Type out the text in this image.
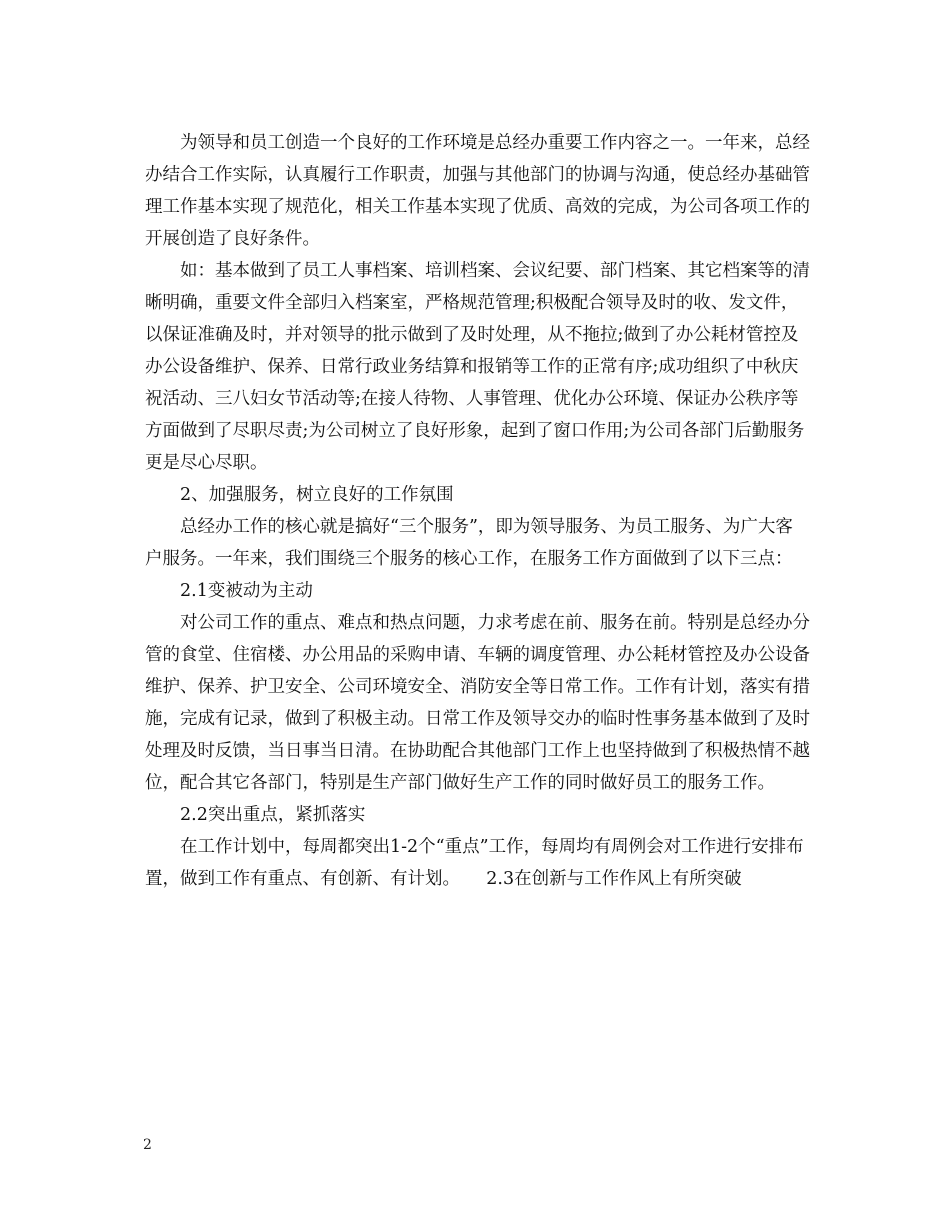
为领导和员工创造一个良好的工作环境是总经办重要工作内容之一。一年来，总经办结合工作实际，认真履行工作职责，加强与其他部门的协调与沟通，使总经办基础管理工作基本实现了规范化，相关工作基本实现了优质、高效的完成，为公司各项工作的开展创造了良好条件。

如：基本做到了员工人事档案、培训档案、会议纪要、部门档案、其它档案等的清晰明确，重要文件全部归入档案室，严格规范管理;积极配合领导及时的收、发文件，以保证准确及时，并对领导的批示做到了及时处理，从不拖拉;做到了办公耗材管控及办公设备维护、保养、日常行政业务结算和报销等工作的正常有序;成功组织了中秋庆祝活动、三八妇女节活动等;在接人待物、人事管理、优化办公环境、保证办公秩序等方面做到了尽职尽责;为公司树立了良好形象，起到了窗口作用;为公司各部门后勤服务更是尽心尽职。

2、加强服务，树立良好的工作氛围

总经办工作的核心就是搞好“三个服务”，即为领导服务、为员工服务、为广大客户服务。一年来，我们围绕三个服务的核心工作，在服务工作方面做到了以下三点：

2.1变被动为主动

对公司工作的重点、难点和热点问题，力求考虑在前、服务在前。特别是总经办分管的食堂、住宿楼、办公用品的采购申请、车辆的调度管理、办公耗材管控及办公设备维护、保养、护卫安全、公司环境安全、消防安全等日常工作。工作有计划，落实有措施，完成有记录，做到了积极主动。日常工作及领导交办的临时性事务基本做到了及时处理及时反馈，当日事当日清。在协助配合其他部门工作上也坚持做到了积极热情不越位，配合其它各部门，特别是生产部门做好生产工作的同时做好员工的服务工作。

2.2突出重点，紧抓落实

在工作计划中，每周都突出1-2个“重点”工作，每周均有周例会对工作进行安排布置，做到工作有重点、有创新、有计划。　　2.3在创新与工作作风上有所突破

2
